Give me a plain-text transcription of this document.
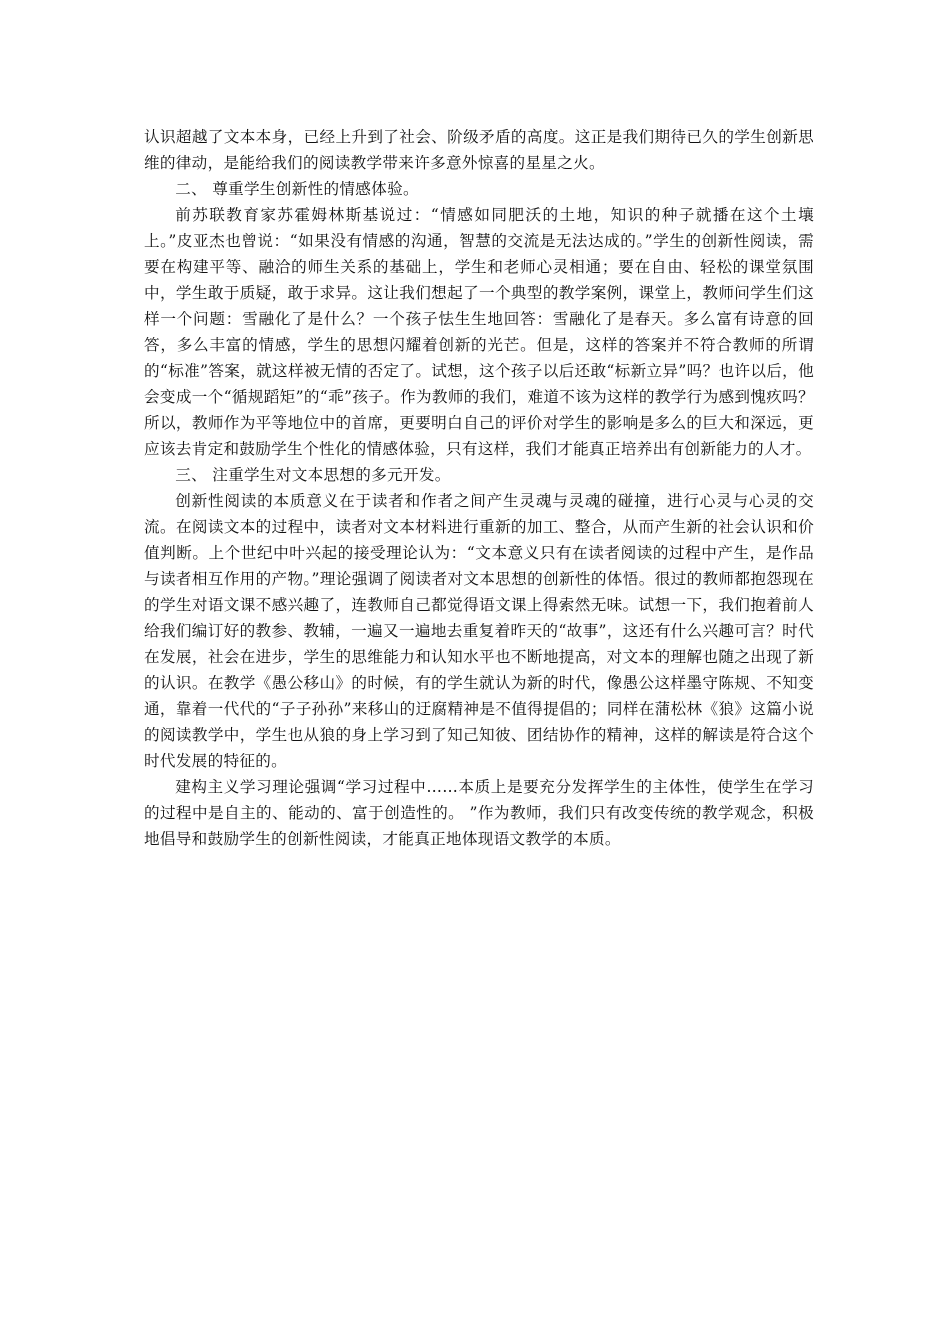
认识超越了文本本身，已经上升到了社会、阶级矛盾的高度。这正是我们期待已久的学生创新思维的律动，是能给我们的阅读教学带来许多意外惊喜的星星之火。

二、 尊重学生创新性的情感体验。

前苏联教育家苏霍姆林斯基说过：“情感如同肥沃的土地，知识的种子就播在这个土壤上。”皮亚杰也曾说：“如果没有情感的沟通，智慧的交流是无法达成的。”学生的创新性阅读，需要在构建平等、融洽的师生关系的基础上，学生和老师心灵相通；要在自由、轻松的课堂氛围中，学生敢于质疑，敢于求异。这让我们想起了一个典型的教学案例，课堂上，教师问学生们这样一个问题：雪融化了是什么？一个孩子怯生生地回答：雪融化了是春天。多么富有诗意的回答，多么丰富的情感，学生的思想闪耀着创新的光芒。但是，这样的答案并不符合教师的所谓的“标准”答案，就这样被无情的否定了。试想，这个孩子以后还敢“标新立异”吗？也许以后，他会变成一个“循规蹈矩”的“乖”孩子。作为教师的我们，难道不该为这样的教学行为感到愧疚吗？所以，教师作为平等地位中的首席，更要明白自己的评价对学生的影响是多么的巨大和深远，更应该去肯定和鼓励学生个性化的情感体验，只有这样，我们才能真正培养出有创新能力的人才。

三、 注重学生对文本思想的多元开发。

创新性阅读的本质意义在于读者和作者之间产生灵魂与灵魂的碰撞，进行心灵与心灵的交流。在阅读文本的过程中，读者对文本材料进行重新的加工、整合，从而产生新的社会认识和价值判断。上个世纪中叶兴起的接受理论认为：“文本意义只有在读者阅读的过程中产生，是作品与读者相互作用的产物。”理论强调了阅读者对文本思想的创新性的体悟。很过的教师都抱怨现在的学生对语文课不感兴趣了，连教师自己都觉得语文课上得索然无味。试想一下，我们抱着前人给我们编订好的教参、教辅，一遍又一遍地去重复着昨天的“故事”，这还有什么兴趣可言？时代在发展，社会在进步，学生的思维能力和认知水平也不断地提高，对文本的理解也随之出现了新的认识。在教学《愚公移山》的时候，有的学生就认为新的时代，像愚公这样墨守陈规、不知变通，靠着一代代的“子子孙孙”来移山的迂腐精神是不值得提倡的；同样在蒲松林《狼》这篇小说的阅读教学中，学生也从狼的身上学习到了知己知彼、团结协作的精神，这样的解读是符合这个时代发展的特征的。

建构主义学习理论强调“学习过程中……本质上是要充分发挥学生的主体性，使学生在学习的过程中是自主的、能动的、富于创造性的。 ”作为教师，我们只有改变传统的教学观念，积极地倡导和鼓励学生的创新性阅读，才能真正地体现语文教学的本质。
